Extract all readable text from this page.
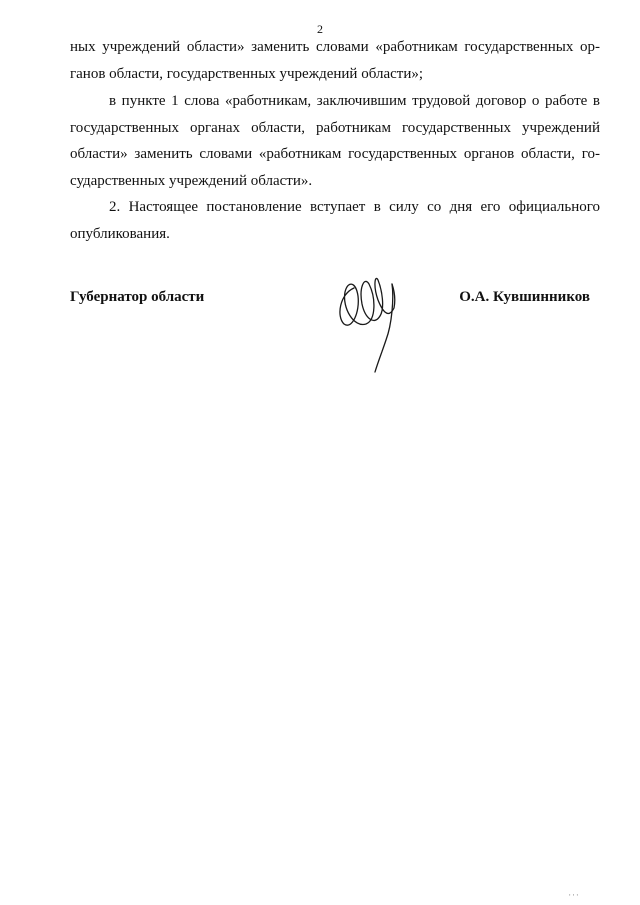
2
ных учреждений области» заменить словами «работникам государственных ор-
ганов области, государственных учреждений области»;
в пункте 1 слова «работникам, заключившим трудовой договор о работе в
государственных органах области, работникам государственных учреждений
области» заменить словами «работникам государственных органов области, го-
сударственных учреждений области».
2. Настоящее постановление вступает в силу со дня его официального
опубликования.
Губернатор области	О.А. Кувшинников
' ' '
